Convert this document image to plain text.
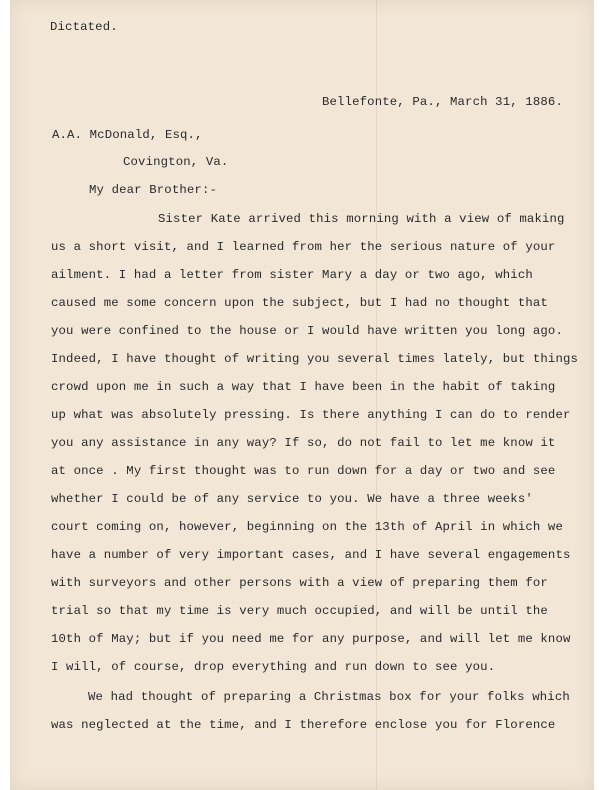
Dictated.
Bellefonte, Pa., March 31, 1886.
A.A. McDonald, Esq.,
Covington, Va.
My dear Brother:-
Sister Kate arrived this morning with a view of making
us a short visit, and I learned from her the serious nature of your
ailment. I had a letter from sister Mary a day or two ago, which
caused me some concern upon the subject, but I had no thought that
you were confined to the house or I would have written you long ago.
Indeed, I have thought of writing you several times lately, but things
crowd upon me in such a way that I have been in the habit of taking
up what was absolutely pressing. Is there anything I can do to render
you any assistance in any way? If so, do not fail to let me know it
at once . My first thought was to run down for a day or two and see
whether I could be of any service to you. We have a three weeks'
court coming on, however, beginning on the 13th of April in which we
have a number of very important cases, and I have several engagements
with surveyors and other persons with a view of preparing them for
trial so that my time is very much occupied, and will be until the
10th of May; but if you need me for any purpose, and will let me know
I will, of course, drop everything and run down to see you.
We had thought of preparing a Christmas box for your folks which
was neglected at the time, and I therefore enclose you for Florence
